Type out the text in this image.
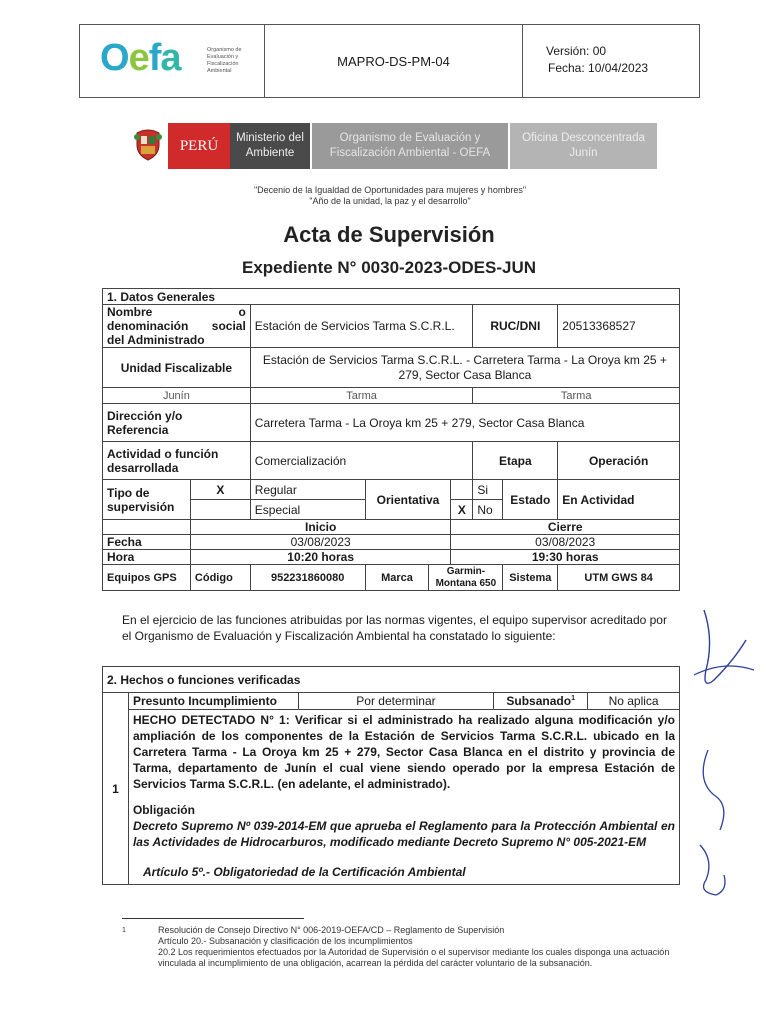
Oefa	Organismo de Evaluación y Fiscalización Ambiental
MAPRO-DS-PM-04
Versión: 00
Fecha: 10/04/2023
PERÚ	Ministerio del Ambiente
Organismo de Evaluación y Fiscalización Ambiental - OEFA
Oficina Desconcentrada Junín
"Decenio de la Igualdad de Oportunidades para mujeres y hombres"
"Año de la unidad, la paz y el desarrollo"
Acta de Supervisión
Expediente N° 0030-2023-ODES-JUN
1. Datos Generales								
Nombre o denominación social del Administrado		Estación de Servicios Tarma S.C.R.L.				RUC/DNI		20513368527
Unidad Fiscalizable		Estación de Servicios Tarma S.C.R.L. - Carretera Tarma - La Oroya km 25 + 279, Sector Casa Blanca						
Junín		Tarma				Tarma		
Dirección y/o Referencia		Carretera Tarma - La Oroya km 25 + 279, Sector Casa Blanca						
Actividad o función desarrollada		Comercialización				Etapa		Operación
Tipo de supervisión	X	Regular	Orientativa			Si	Estado	En Actividad
		Especial			X	No		
	Inicio				Cierre			
Fecha	03/08/2023				03/08/2023			
Hora	10:20 horas				19:30 horas			
Equipos GPS	Código	952231860080	Marca	Garmin-Montana 650			Sistema	UTM GWS 84
En el ejercicio de las funciones atribuidas por las normas vigentes, el equipo supervisor acreditado por el Organismo de Evaluación y Fiscalización Ambiental ha constatado lo siguiente:
2. Hechos o funciones verificadas
1	Presunto Incumplimiento	Por determinar	Subsanado$^1$	No aplica

HECHO DETECTADO N° 1: Verificar si el administrado ha realizado alguna modificación y/o ampliación de los componentes de la Estación de Servicios Tarma S.C.R.L. ubicado en la Carretera Tarma - La Oroya km 25 + 279, Sector Casa Blanca en el distrito y provincia de Tarma, departamento de Junín el cual viene siendo operado por la empresa Estación de Servicios Tarma S.C.R.L. (en adelante, el administrado).
Obligación
Decreto Supremo Nº 039-2014-EM que aprueba el Reglamento para la Protección Ambiental en las Actividades de Hidrocarburos, modificado mediante Decreto Supremo N° 005-2021-EM
Artículo 5º.- Obligatoriedad de la Certificación Ambiental
1	Resolución de Consejo Directivo N° 006-2019-OEFA/CD – Reglamento de Supervisión
Artículo 20.- Subsanación y clasificación de los incumplimientos
20.2 Los requerimientos efectuados por la Autoridad de Supervisión o el supervisor mediante los cuales disponga una actuación vinculada al incumplimiento de una obligación, acarrean la pérdida del carácter voluntario de la subsanación.
